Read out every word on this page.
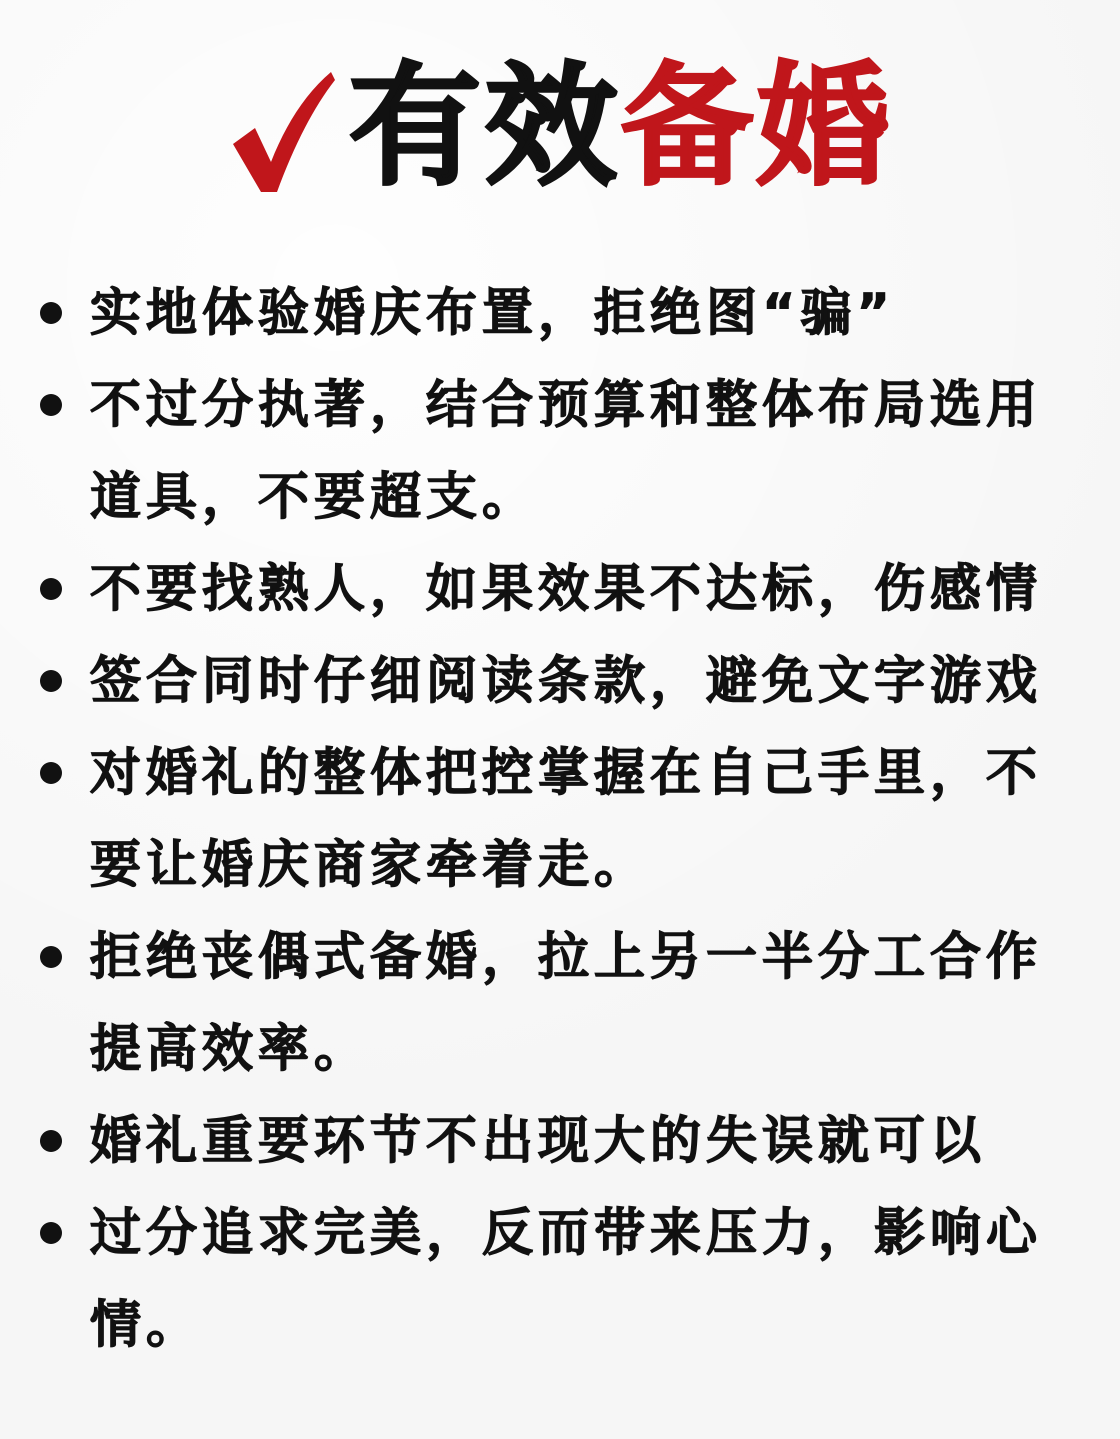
有效备婚
实地体验婚庆布置，拒绝图“骗”
不过分执著，结合预算和整体布局选用
道具，不要超支。
不要找熟人，如果效果不达标，伤感情
签合同时仔细阅读条款，避免文字游戏
对婚礼的整体把控掌握在自己手里，不
要让婚庆商家牵着走。
拒绝丧偶式备婚，拉上另一半分工合作
提高效率。
婚礼重要环节不出现大的失误就可以
过分追求完美，反而带来压力，影响心
情。
